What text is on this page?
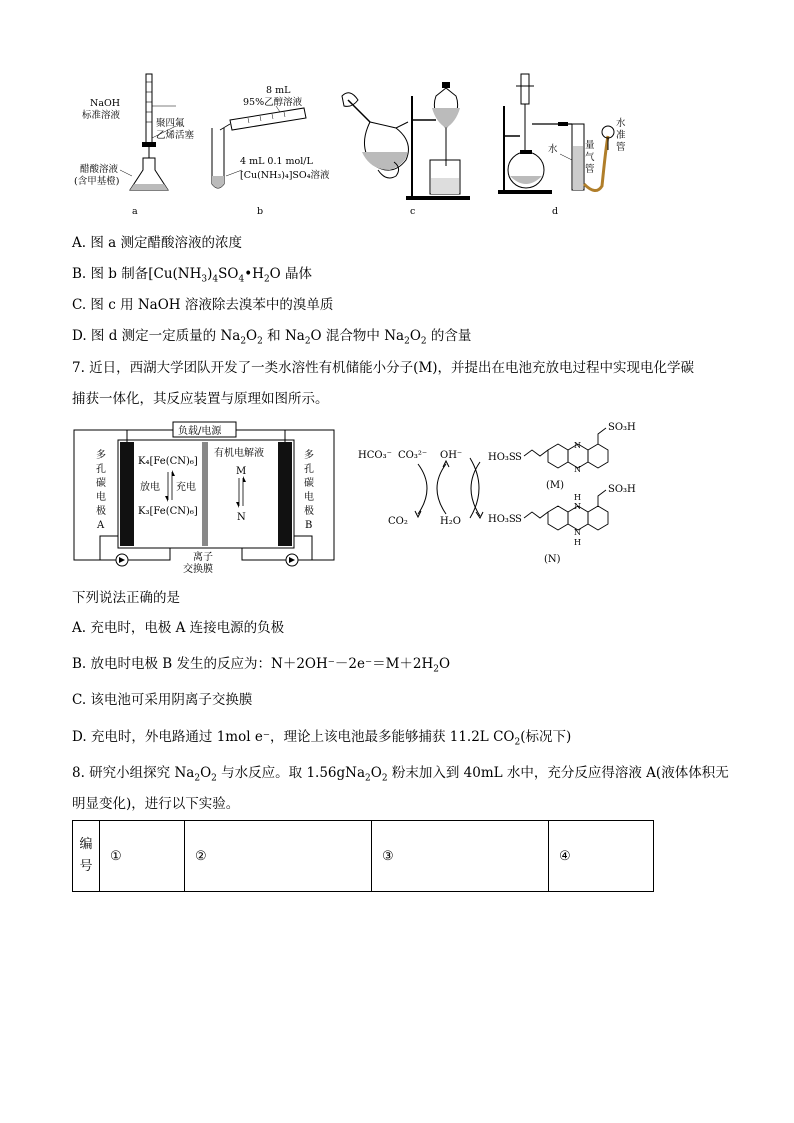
NaOH
标准溶液
聚四氟
乙烯活塞
醋酸溶液
(含甲基橙)
a
8 mL
95%乙醇溶液
4 mL 0.1 mol/L
[Cu(NH₃)₄]SO₄溶液
b	c
水	量
气
管
水
准
管
d
A. 图 a 测定醋酸溶液的浓度
B. 图 b 制备[$Cu(NH_3)_4SO_4•H_2O$ 晶体
C. 图 c 用 NaOH 溶液除去溴苯中的溴单质
D. 图 d 测定一定质量的 $Na_2O_2$ 和 $Na_2O$ 混合物中 $Na_2O_2$ 的含量
7. 近日，西湖大学团队开发了一类水溶性有机储能小分子(M)，并提出在电池充放电过程中实现电化学碳
捕获一体化，其反应装置与原理如图所示。
负载/电源
多
孔
碳
电
极
A
多
孔
碳
电
极
B
K₄[Fe(CN)₆]
放电 充电
K₃[Fe(CN)₆]
有机电解液
M
N
离子
交换膜
HCO₃⁻ CO₃²⁻
CO₂
OH⁻
H₂O
HO₃S S
N
N
SO₃H
(M)
HO₃S S
H
N
N
H
SO₃H
(N)
下列说法正确的是
A. 充电时，电极 A 连接电源的负极
B. 放电时电极 B 发生的反应为：$N+2OH^--2e^-=M+2H_2O$
C. 该电池可采用阴离子交换膜
D. 充电时，外电路通过 1mol e⁻，理论上该电池最多能够捕获 11.2L $CO_2$(标况下)
8. 研究小组探究 $Na_2O_2$ 与水反应。取 $1.56gNa_2O_2$ 粉末加入到 40mL 水中，充分反应得溶液 A(液体体积无
明显变化)，进行以下实验。
编
号	①	②	③	④
